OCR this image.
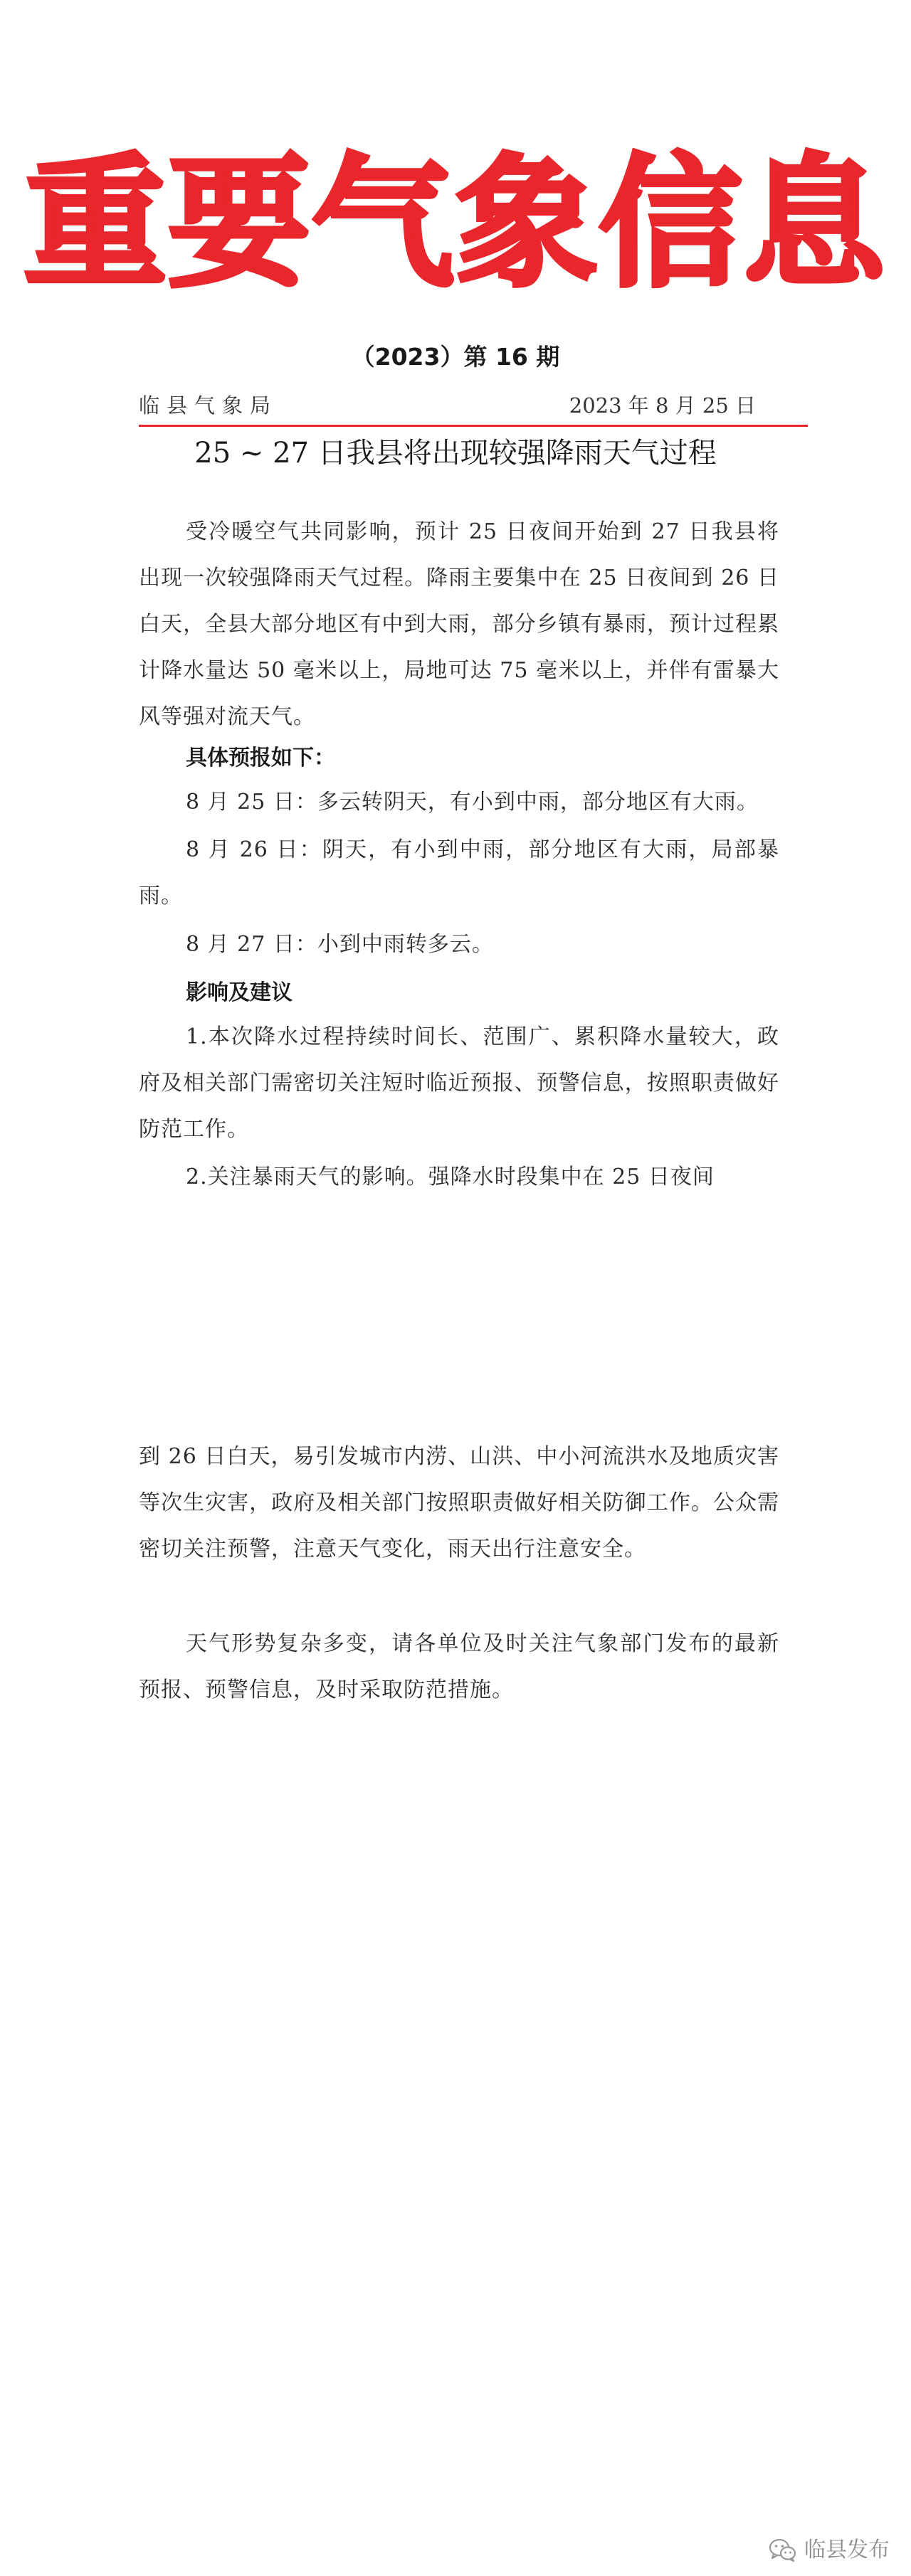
重要气象信息
（2023）第 16 期
临县气象局	2023 年 8 月 25 日
25 ~ 27 日我县将出现较强降雨天气过程
受冷暖空气共同影响，预计 25 日夜间开始到 27 日我县将出现一次较强降雨天气过程。降雨主要集中在 25 日夜间到 26 日白天，全县大部分地区有中到大雨，部分乡镇有暴雨，预计过程累计降水量达 50 毫米以上，局地可达 75 毫米以上，并伴有雷暴大风等强对流天气。
具体预报如下：
8 月 25 日：多云转阴天，有小到中雨，部分地区有大雨。
8 月 26 日：阴天，有小到中雨，部分地区有大雨，局部暴雨。
8 月 27 日：小到中雨转多云。
影响及建议
1.本次降水过程持续时间长、范围广、累积降水量较大，政府及相关部门需密切关注短时临近预报、预警信息，按照职责做好防范工作。
2.关注暴雨天气的影响。强降水时段集中在 25 日夜间
到 26 日白天，易引发城市内涝、山洪、中小河流洪水及地质灾害等次生灾害，政府及相关部门按照职责做好相关防御工作。公众需密切关注预警，注意天气变化，雨天出行注意安全。
天气形势复杂多变，请各单位及时关注气象部门发布的最新预报、预警信息，及时采取防范措施。
临县发布
